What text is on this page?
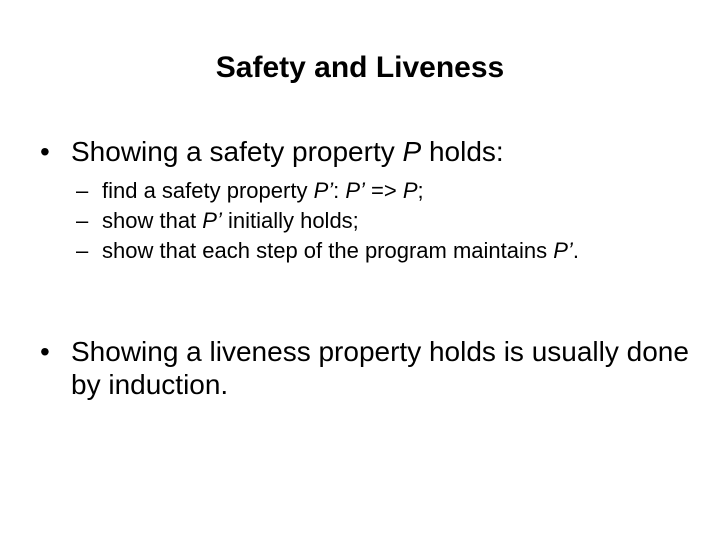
Safety and Liveness
• Showing a safety property P holds:
– find a safety property P’: P’ => P;
– show that P’ initially holds;
– show that each step of the program maintains P’.
• Showing a liveness property holds is usually done by induction.
